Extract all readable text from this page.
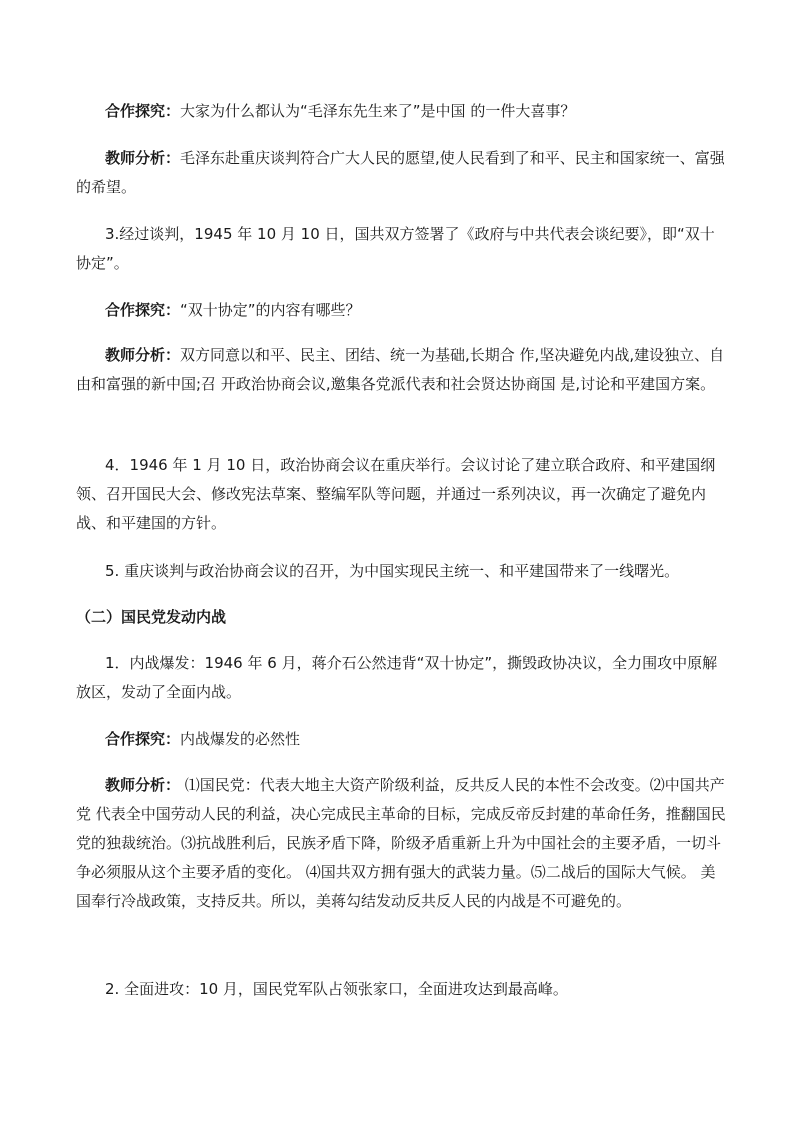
合作探究：大家为什么都认为“毛泽东先生来了”是中国 的一件大喜事？

教师分析：毛泽东赴重庆谈判符合广大人民的愿望,使人民看到了和平、民主和国家统一、富强的希望。

3.经过谈判，1945 年 10 月 10 日，国共双方签署了《政府与中共代表会谈纪要》，即“双十协定”。

合作探究：“双十协定”的内容有哪些？

教师分析：双方同意以和平、民主、团结、统一为基础,长期合 作,坚决避免内战,建设独立、自由和富强的新中国;召 开政治协商会议,邀集各党派代表和社会贤达协商国 是,讨论和平建国方案。

4．1946 年 1 月 10 日，政治协商会议在重庆举行。会议讨论了建立联合政府、和平建国纲领、召开国民大会、修改宪法草案、整编军队等问题，并通过一系列决议，再一次确定了避免内战、和平建国的方针。

5. 重庆谈判与政治协商会议的召开，为中国实现民主统一、和平建国带来了一线曙光。

（二）国民党发动内战

1．内战爆发：1946 年 6 月，蒋介石公然违背“双十协定”，撕毁政协决议，全力围攻中原解放区，发动了全面内战。

合作探究：内战爆发的必然性

教师分析： ⑴国民党：代表大地主大资产阶级利益，反共反人民的本性不会改变。⑵中国共产党 代表全中国劳动人民的利益，决心完成民主革命的目标，完成反帝反封建的革命任务，推翻国民党的独裁统治。⑶抗战胜利后，民族矛盾下降，阶级矛盾重新上升为中国社会的主要矛盾，一切斗争必须服从这个主要矛盾的变化。 ⑷国共双方拥有强大的武装力量。⑸二战后的国际大气候。 美国奉行冷战政策，支持反共。所以，美蒋勾结发动反共反人民的内战是不可避免的。

2. 全面进攻：10 月，国民党军队占领张家口，全面进攻达到最高峰。
